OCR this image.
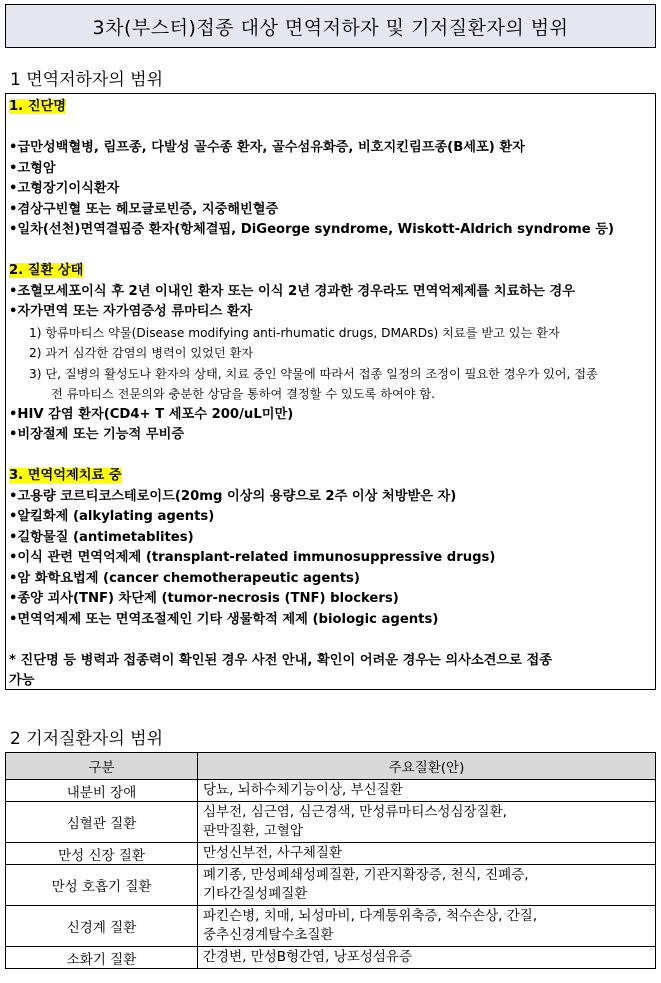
3차(부스터)접종 대상 면역저하자 및 기저질환자의 범위
1 면역저하자의 범위
1. 진단명
•급만성백혈병, 림프종, 다발성 골수종 환자, 골수섬유화증, 비호지킨림프종(B세포) 환자
•고형암
•고형장기이식환자
•겸상구빈혈 또는 헤모글로빈증, 지중해빈혈증
•일차(선천)면역결핍증 환자(항체결핍, DiGeorge syndrome, Wiskott-Aldrich syndrome 등)
2. 질환 상태
•조혈모세포이식 후 2년 이내인 환자 또는 이식 2년 경과한 경우라도 면역억제제를 치료하는 경우
•자가면역 또는 자가염증성 류마티스 환자
1) 항류마티스 약물(Disease modifying anti-rhumatic drugs, DMARDs) 치료를 받고 있는 환자
2) 과거 심각한 감염의 병력이 있었던 환자
3) 단, 질병의 활성도나 환자의 상태, 치료 중인 약물에 따라서 접종 일정의 조정이 필요한 경우가 있어, 접종
전 류마티스 전문의와 충분한 상담을 통하여 결정할 수 있도록 하여야 함.
•HIV 감염 환자(CD4+ T 세포수 200/uL미만)
•비장절제 또는 기능적 무비증
3. 면역억제치료 중
•고용량 코르티코스테로이드(20mg 이상의 용량으로 2주 이상 처방받은 자)
•알킬화제 (alkylating agents)
•길항물질 (antimetablites)
•이식 관련 면역억제제 (transplant-related immunosuppressive drugs)
•암 화학요법제 (cancer chemotherapeutic agents)
•종양 괴사(TNF) 차단제 (tumor-necrosis (TNF) blockers)
•면역억제제 또는 면역조절제인 기타 생물학적 제제 (biologic agents)
* 진단명 등 병력과 접종력이 확인된 경우 사전 안내, 확인이 어려운 경우는 의사소견으로 접종
가능
2 기저질환자의 범위
구분	주요질환(안)
내분비 장애	당뇨, 뇌하수체기능이상, 부신질환

심혈관 질환	심부전, 심근염, 심근경색, 만성류마티스성심장질환,
판막질환, 고혈압

만성 신장 질환	만성신부전, 사구체질환

만성 호흡기 질환	폐기종, 만성폐쇄성폐질환, 기관지확장증, 천식, 진폐증,
기타간질성폐질환

신경계 질환	파킨슨병, 치매, 뇌성마비, 다계통위축증, 척수손상, 간질,
중추신경계탈수초질환

소화기 질환	간경변, 만성B형간염, 낭포성섬유증
